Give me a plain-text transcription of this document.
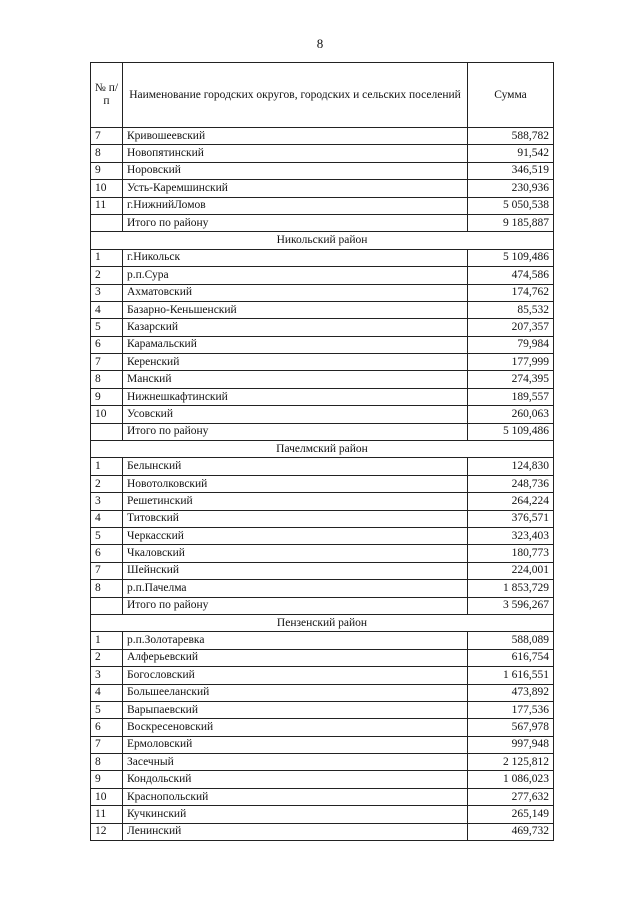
8
№ п/п	Наименование городских округов, городских и сельских поселений	Сумма
7	Кривошеевский	588,782
8	Новопятинский	91,542
9	Норовский	346,519
10	Усть-Каремшинский	230,936
11	г.НижнийЛомов	5 050,538
	Итого по району	9 185,887
Никольский район		
1	г.Никольск	5 109,486
2	р.п.Сура	474,586
3	Ахматовский	174,762
4	Базарно-Кеньшенский	85,532
5	Казарский	207,357
6	Карамальский	79,984
7	Керенский	177,999
8	Манский	274,395
9	Нижнешкафтинский	189,557
10	Усовский	260,063
	Итого по району	5 109,486
Пачелмский район		
1	Белынский	124,830
2	Новотолковский	248,736
3	Решетинский	264,224
4	Титовский	376,571
5	Черкасский	323,403
6	Чкаловский	180,773
7	Шейнский	224,001
8	р.п.Пачелма	1 853,729
	Итого по району	3 596,267
Пензенский район		
1	р.п.Золотаревка	588,089
2	Алферьевский	616,754
3	Богословский	1 616,551
4	Большееланский	473,892
5	Варыпаевский	177,536
6	Воскресеновский	567,978
7	Ермоловский	997,948
8	Засечный	2 125,812
9	Кондольский	1 086,023
10	Краснопольский	277,632
11	Кучкинский	265,149
12	Ленинский	469,732
